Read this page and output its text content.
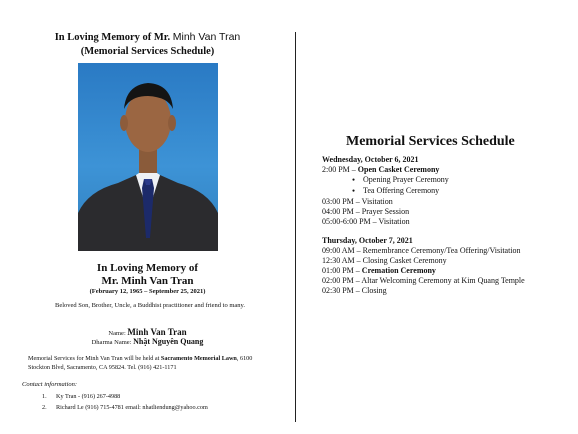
In Loving Memory of Mr. Minh Van Tran
(Memorial Services Schedule)
In Loving Memory of
Mr. Minh Van Tran
(February 12, 1965 – September 25, 2021)
Beloved Son, Brother, Uncle, a Buddhist practitioner and friend to many.
Name: Minh Van Tran
Dharma Name: Nhật Nguyên Quang
Memorial Services for Minh Van Tran will be held at Sacramento Memorial Lawn, 6100 Stockton Blvd, Sacramento, CA 95824. Tel. (916) 421-1171
Contact information:
1. Ky Tran - (916) 267-4988
2. Richard Le (916) 715-4781 email: nhatliendung@yahoo.com
Memorial Services Schedule
Wednesday, October 6, 2021
2:00 PM – Open Casket Ceremony
● Opening Prayer Ceremony
● Tea Offering Ceremony
03:00 PM – Visitation
04:00 PM – Prayer Session
05:00-6:00 PM – Visitation
Thursday, October 7, 2021
09:00 AM – Remembrance Ceremony/Tea Offering/Visitation
12:30 AM – Closing Casket Ceremony
01:00 PM – Cremation Ceremony
02:00 PM – Altar Welcoming Ceremony at Kim Quang Temple
02:30 PM – Closing
